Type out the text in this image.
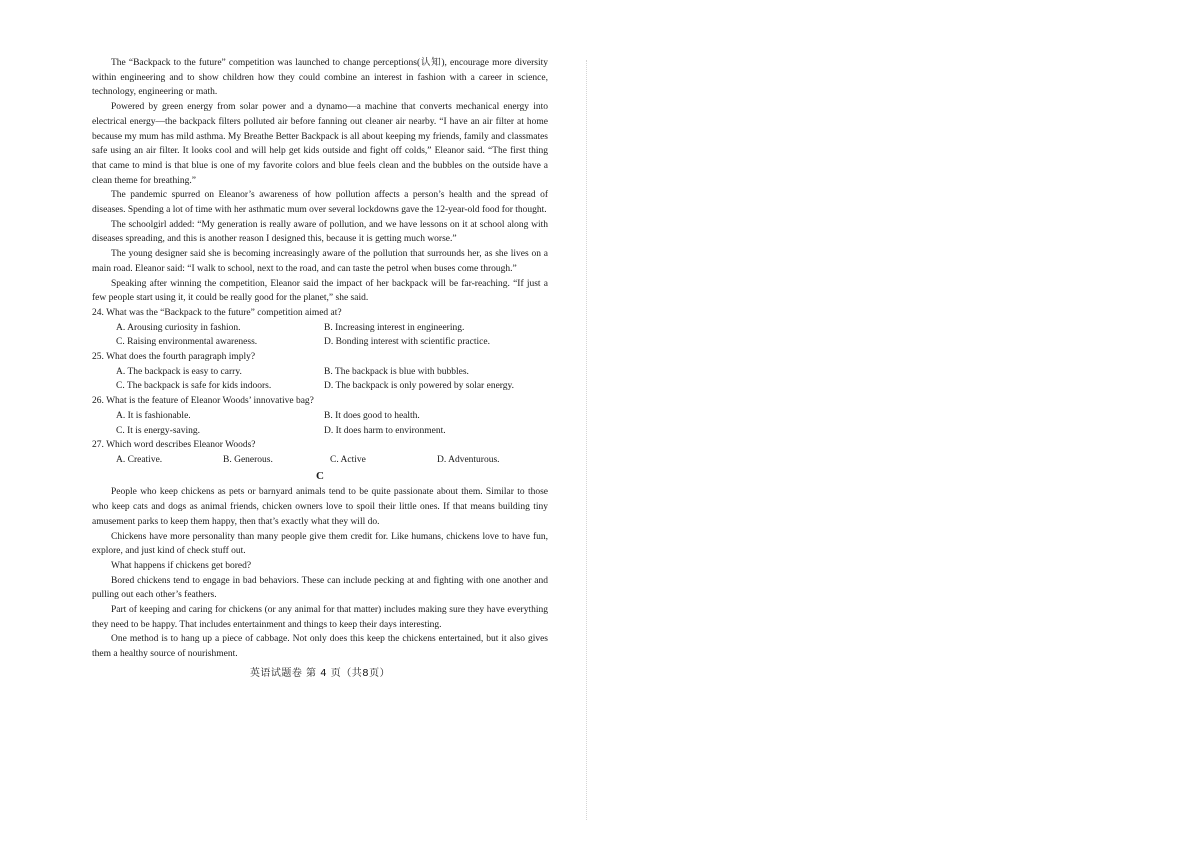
The “Backpack to the future” competition was launched to change perceptions(认知), encourage more diversity within engineering and to show children how they could combine an interest in fashion with a career in science, technology, engineering or math.

Powered by green energy from solar power and a dynamo—a machine that converts mechanical energy into electrical energy—the backpack filters polluted air before fanning out cleaner air nearby. “I have an air filter at home because my mum has mild asthma. My Breathe Better Backpack is all about keeping my friends, family and classmates safe using an air filter. It looks cool and will help get kids outside and fight off colds,” Eleanor said. “The first thing that came to mind is that blue is one of my favorite colors and blue feels clean and the bubbles on the outside have a clean theme for breathing.”

The pandemic spurred on Eleanor’s awareness of how pollution affects a person’s health and the spread of diseases. Spending a lot of time with her asthmatic mum over several lockdowns gave the 12-year-old food for thought.

The schoolgirl added: “My generation is really aware of pollution, and we have lessons on it at school along with diseases spreading, and this is another reason I designed this, because it is getting much worse.”

The young designer said she is becoming increasingly aware of the pollution that surrounds her, as she lives on a main road. Eleanor said: “I walk to school, next to the road, and can taste the petrol when buses come through.”

Speaking after winning the competition, Eleanor said the impact of her backpack will be far-reaching. “If just a few people start using it, it could be really good for the planet,” she said.

24. What was the “Backpack to the future” competition aimed at?
A. Arousing curiosity in fashion.	B. Increasing interest in engineering.
C. Raising environmental awareness.	D. Bonding interest with scientific practice.
25. What does the fourth paragraph imply?
A. The backpack is easy to carry.	B. The backpack is blue with bubbles.
C. The backpack is safe for kids indoors.	D. The backpack is only powered by solar energy.
26. What is the feature of Eleanor Woods’ innovative bag?
A. It is fashionable.	B. It does good to health.
C. It is energy-saving.	D. It does harm to environment.
27. Which word describes Eleanor Woods?
A. Creative.	B. Generous.	C. Active	D. Adventurous.
C

People who keep chickens as pets or barnyard animals tend to be quite passionate about them. Similar to those who keep cats and dogs as animal friends, chicken owners love to spoil their little ones. If that means building tiny amusement parks to keep them happy, then that’s exactly what they will do.

Chickens have more personality than many people give them credit for. Like humans, chickens love to have fun, explore, and just kind of check stuff out.

What happens if chickens get bored?

Bored chickens tend to engage in bad behaviors. These can include pecking at and fighting with one another and pulling out each other’s feathers.

Part of keeping and caring for chickens (or any animal for that matter) includes making sure they have everything they need to be happy. That includes entertainment and things to keep their days interesting.

One method is to hang up a piece of cabbage. Not only does this keep the chickens entertained, but it also gives them a healthy source of nourishment.

英语试题卷 第 4 页（共8页）
